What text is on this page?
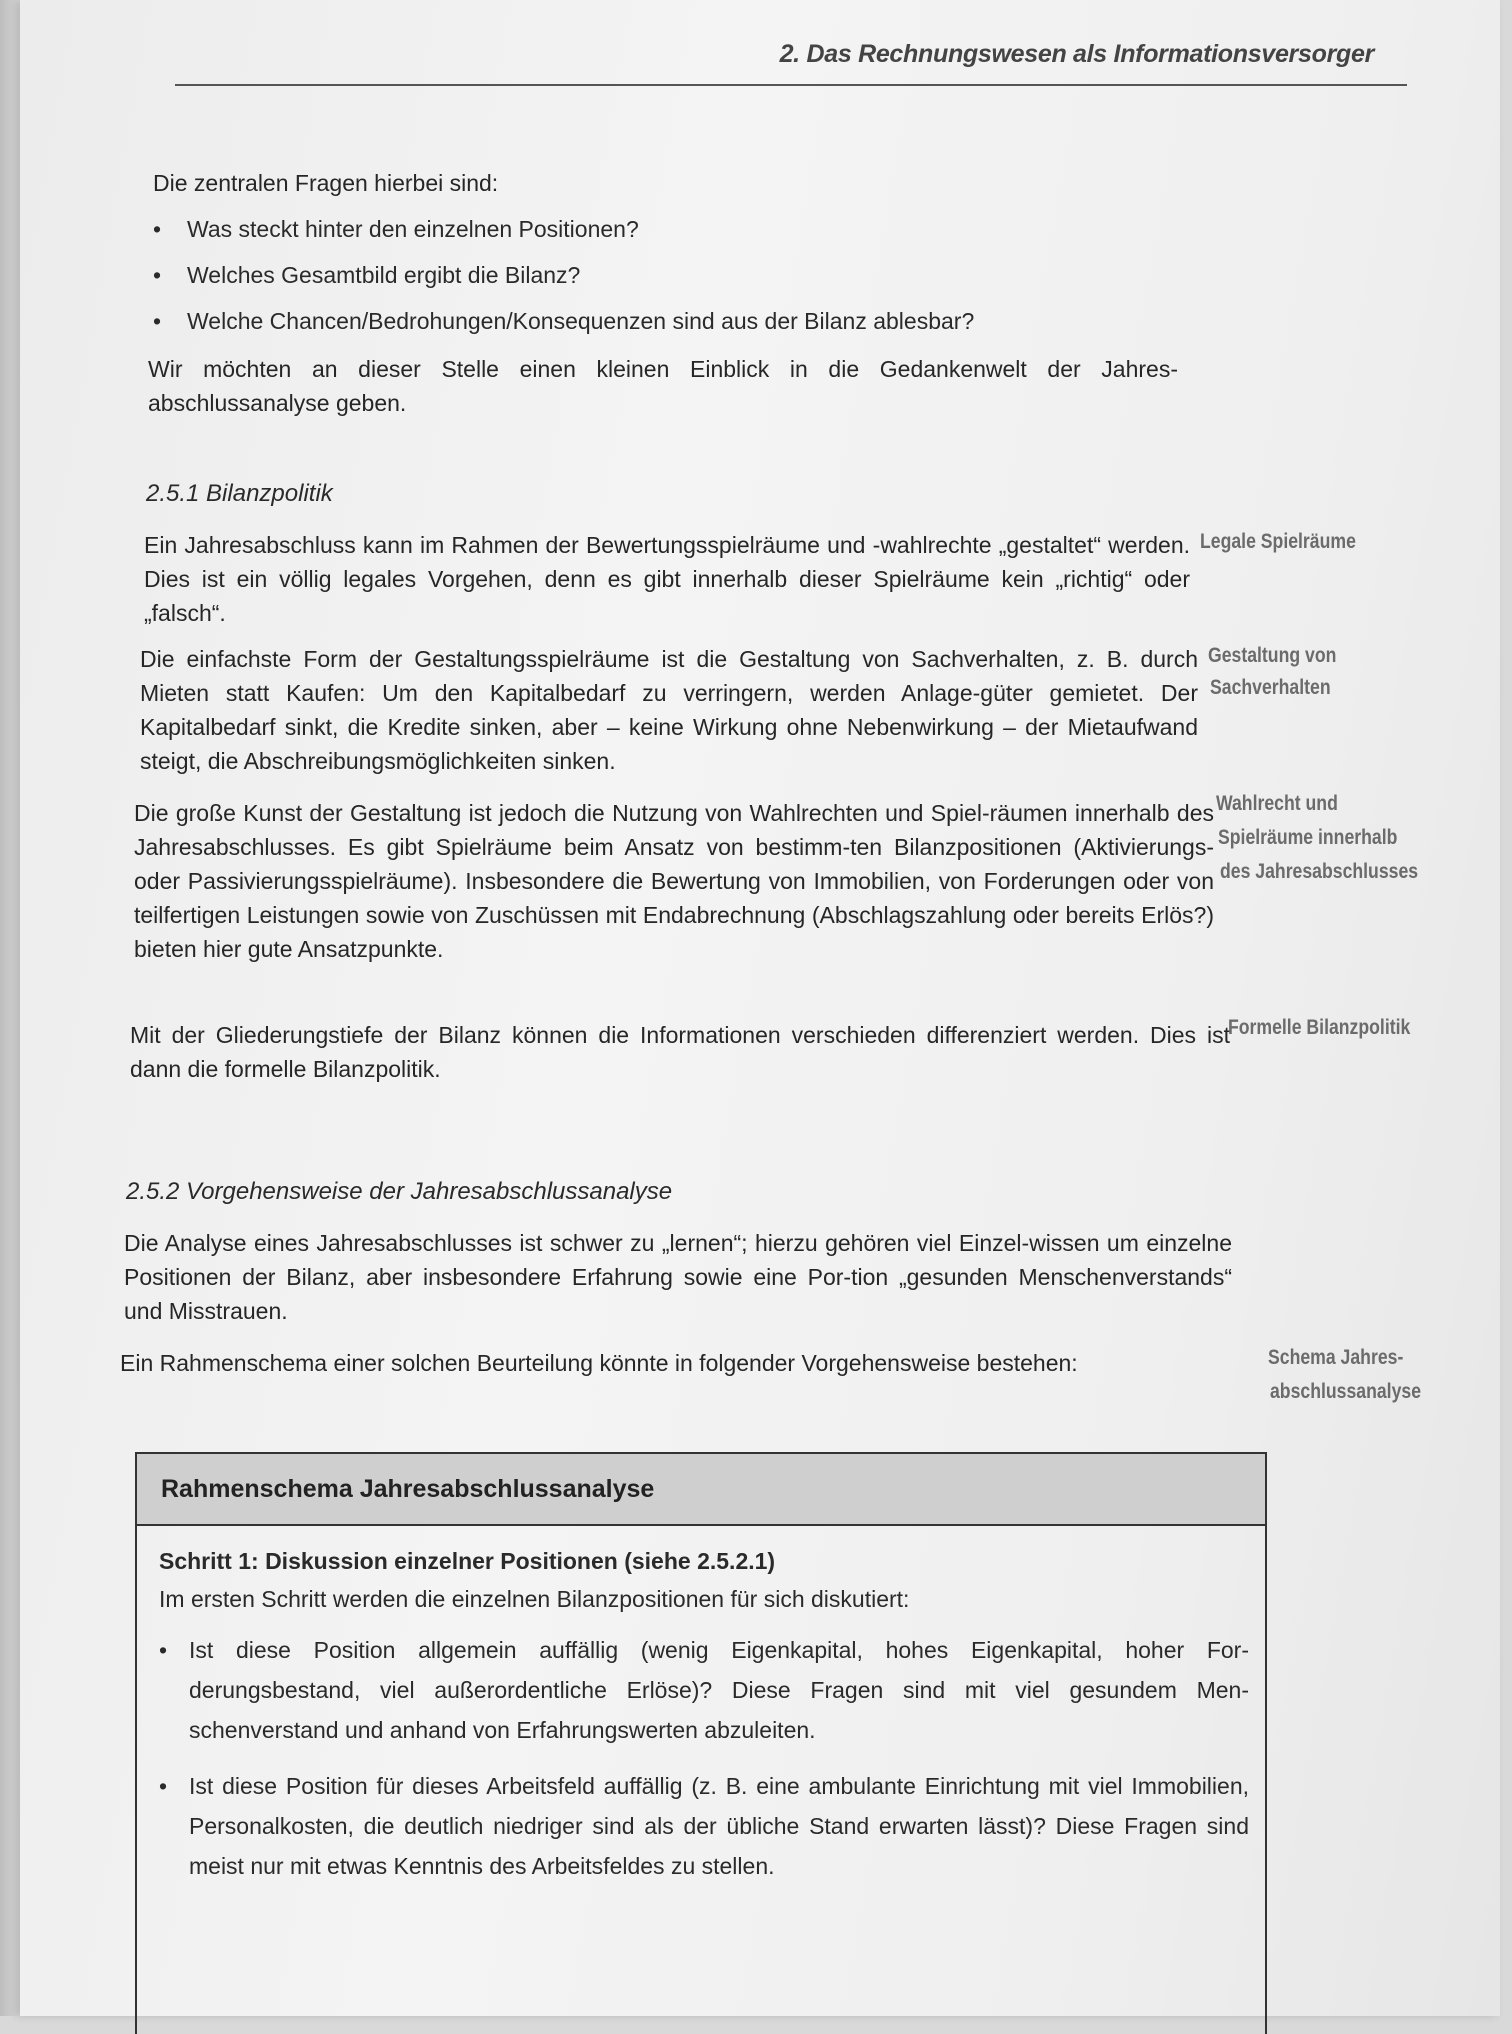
2. Das Rechnungswesen als Informationsversorger
Die zentralen Fragen hierbei sind:
• Was steckt hinter den einzelnen Positionen?
• Welches Gesamtbild ergibt die Bilanz?
• Welche Chancen/Bedrohungen/Konsequenzen sind aus der Bilanz ablesbar?
Wir möchten an dieser Stelle einen kleinen Einblick in die Gedankenwelt der Jahres-abschlussanalyse geben.
2.5.1 Bilanzpolitik
Ein Jahresabschluss kann im Rahmen der Bewertungsspielräume und -wahlrechte „gestaltet“ werden. Dies ist ein völlig legales Vorgehen, denn es gibt innerhalb dieser Spielräume kein „richtig“ oder „falsch“.
Die einfachste Form der Gestaltungsspielräume ist die Gestaltung von Sachverhalten, z. B. durch Mieten statt Kaufen: Um den Kapitalbedarf zu verringern, werden Anlage-güter gemietet. Der Kapitalbedarf sinkt, die Kredite sinken, aber – keine Wirkung ohne Nebenwirkung – der Mietaufwand steigt, die Abschreibungsmöglichkeiten sinken.
Die große Kunst der Gestaltung ist jedoch die Nutzung von Wahlrechten und Spiel-räumen innerhalb des Jahresabschlusses. Es gibt Spielräume beim Ansatz von bestimm-ten Bilanzpositionen (Aktivierungs- oder Passivierungsspielräume). Insbesondere die Bewertung von Immobilien, von Forderungen oder von teilfertigen Leistungen sowie von Zuschüssen mit Endabrechnung (Abschlagszahlung oder bereits Erlös?) bieten hier gute Ansatzpunkte.
Mit der Gliederungstiefe der Bilanz können die Informationen verschieden differenziert werden. Dies ist dann die formelle Bilanzpolitik.
Legale Spielräume
Gestaltung von
Sachverhalten
Wahlrecht und
Spielräume innerhalb
des Jahresabschlusses
Formelle Bilanzpolitik
2.5.2 Vorgehensweise der Jahresabschlussanalyse
Die Analyse eines Jahresabschlusses ist schwer zu „lernen“; hierzu gehören viel Einzel-wissen um einzelne Positionen der Bilanz, aber insbesondere Erfahrung sowie eine Por-tion „gesunden Menschenverstands“ und Misstrauen.
Ein Rahmenschema einer solchen Beurteilung könnte in folgender Vorgehensweise bestehen:	Schema Jahres-
abschlussanalyse
Rahmenschema Jahresabschlussanalyse
Schritt 1: Diskussion einzelner Positionen (siehe 2.5.2.1)
Im ersten Schritt werden die einzelnen Bilanzpositionen für sich diskutiert:
• Ist diese Position allgemein auffällig (wenig Eigenkapital, hohes Eigenkapital, hoher For-derungsbestand, viel außerordentliche Erlöse)? Diese Fragen sind mit viel gesundem Men-schenverstand und anhand von Erfahrungswerten abzuleiten.
• Ist diese Position für dieses Arbeitsfeld auffällig (z. B. eine ambulante Einrichtung mit viel Immobilien, Personalkosten, die deutlich niedriger sind als der übliche Stand erwarten lässt)? Diese Fragen sind meist nur mit etwas Kenntnis des Arbeitsfeldes zu stellen.
